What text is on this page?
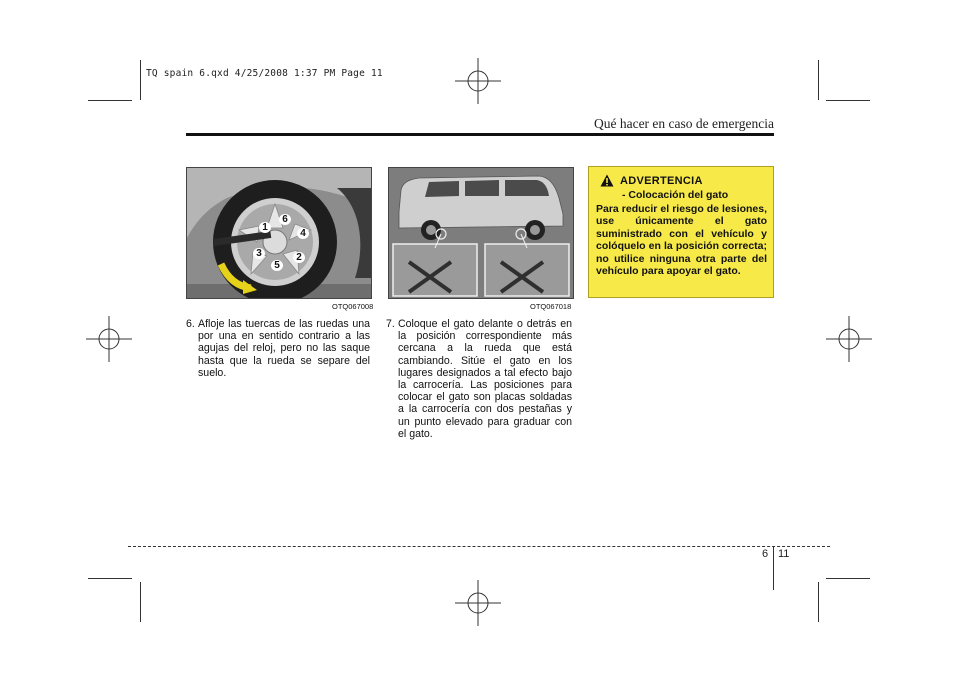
TQ spain 6.qxd 4/25/2008 1:37 PM Page 11
Qué hacer en caso de emergencia
1
6
4
3	2
5
OTQ067008	OTQ067018
6. Afloje las tuercas de las ruedas una por una en sentido contrario a las agujas del reloj, pero no las saque hasta que la rueda se separe del suelo.
7. Coloque el gato delante o detrás en la posición correspondiente más cercana a la rueda que está cambiando. Sitúe el gato en los lugares designados a tal efecto bajo la carrocería. Las posiciones para colocar el gato son placas soldadas a la carrocería con dos pestañas y un punto elevado para graduar con el gato.
ADVERTENCIA
- Colocación del gato
Para reducir el riesgo de lesiones, use únicamente el gato suministrado con el vehículo y colóquelo en la posición correcta; no utilice ninguna otra parte del vehículo para apoyar el gato.
6 11
